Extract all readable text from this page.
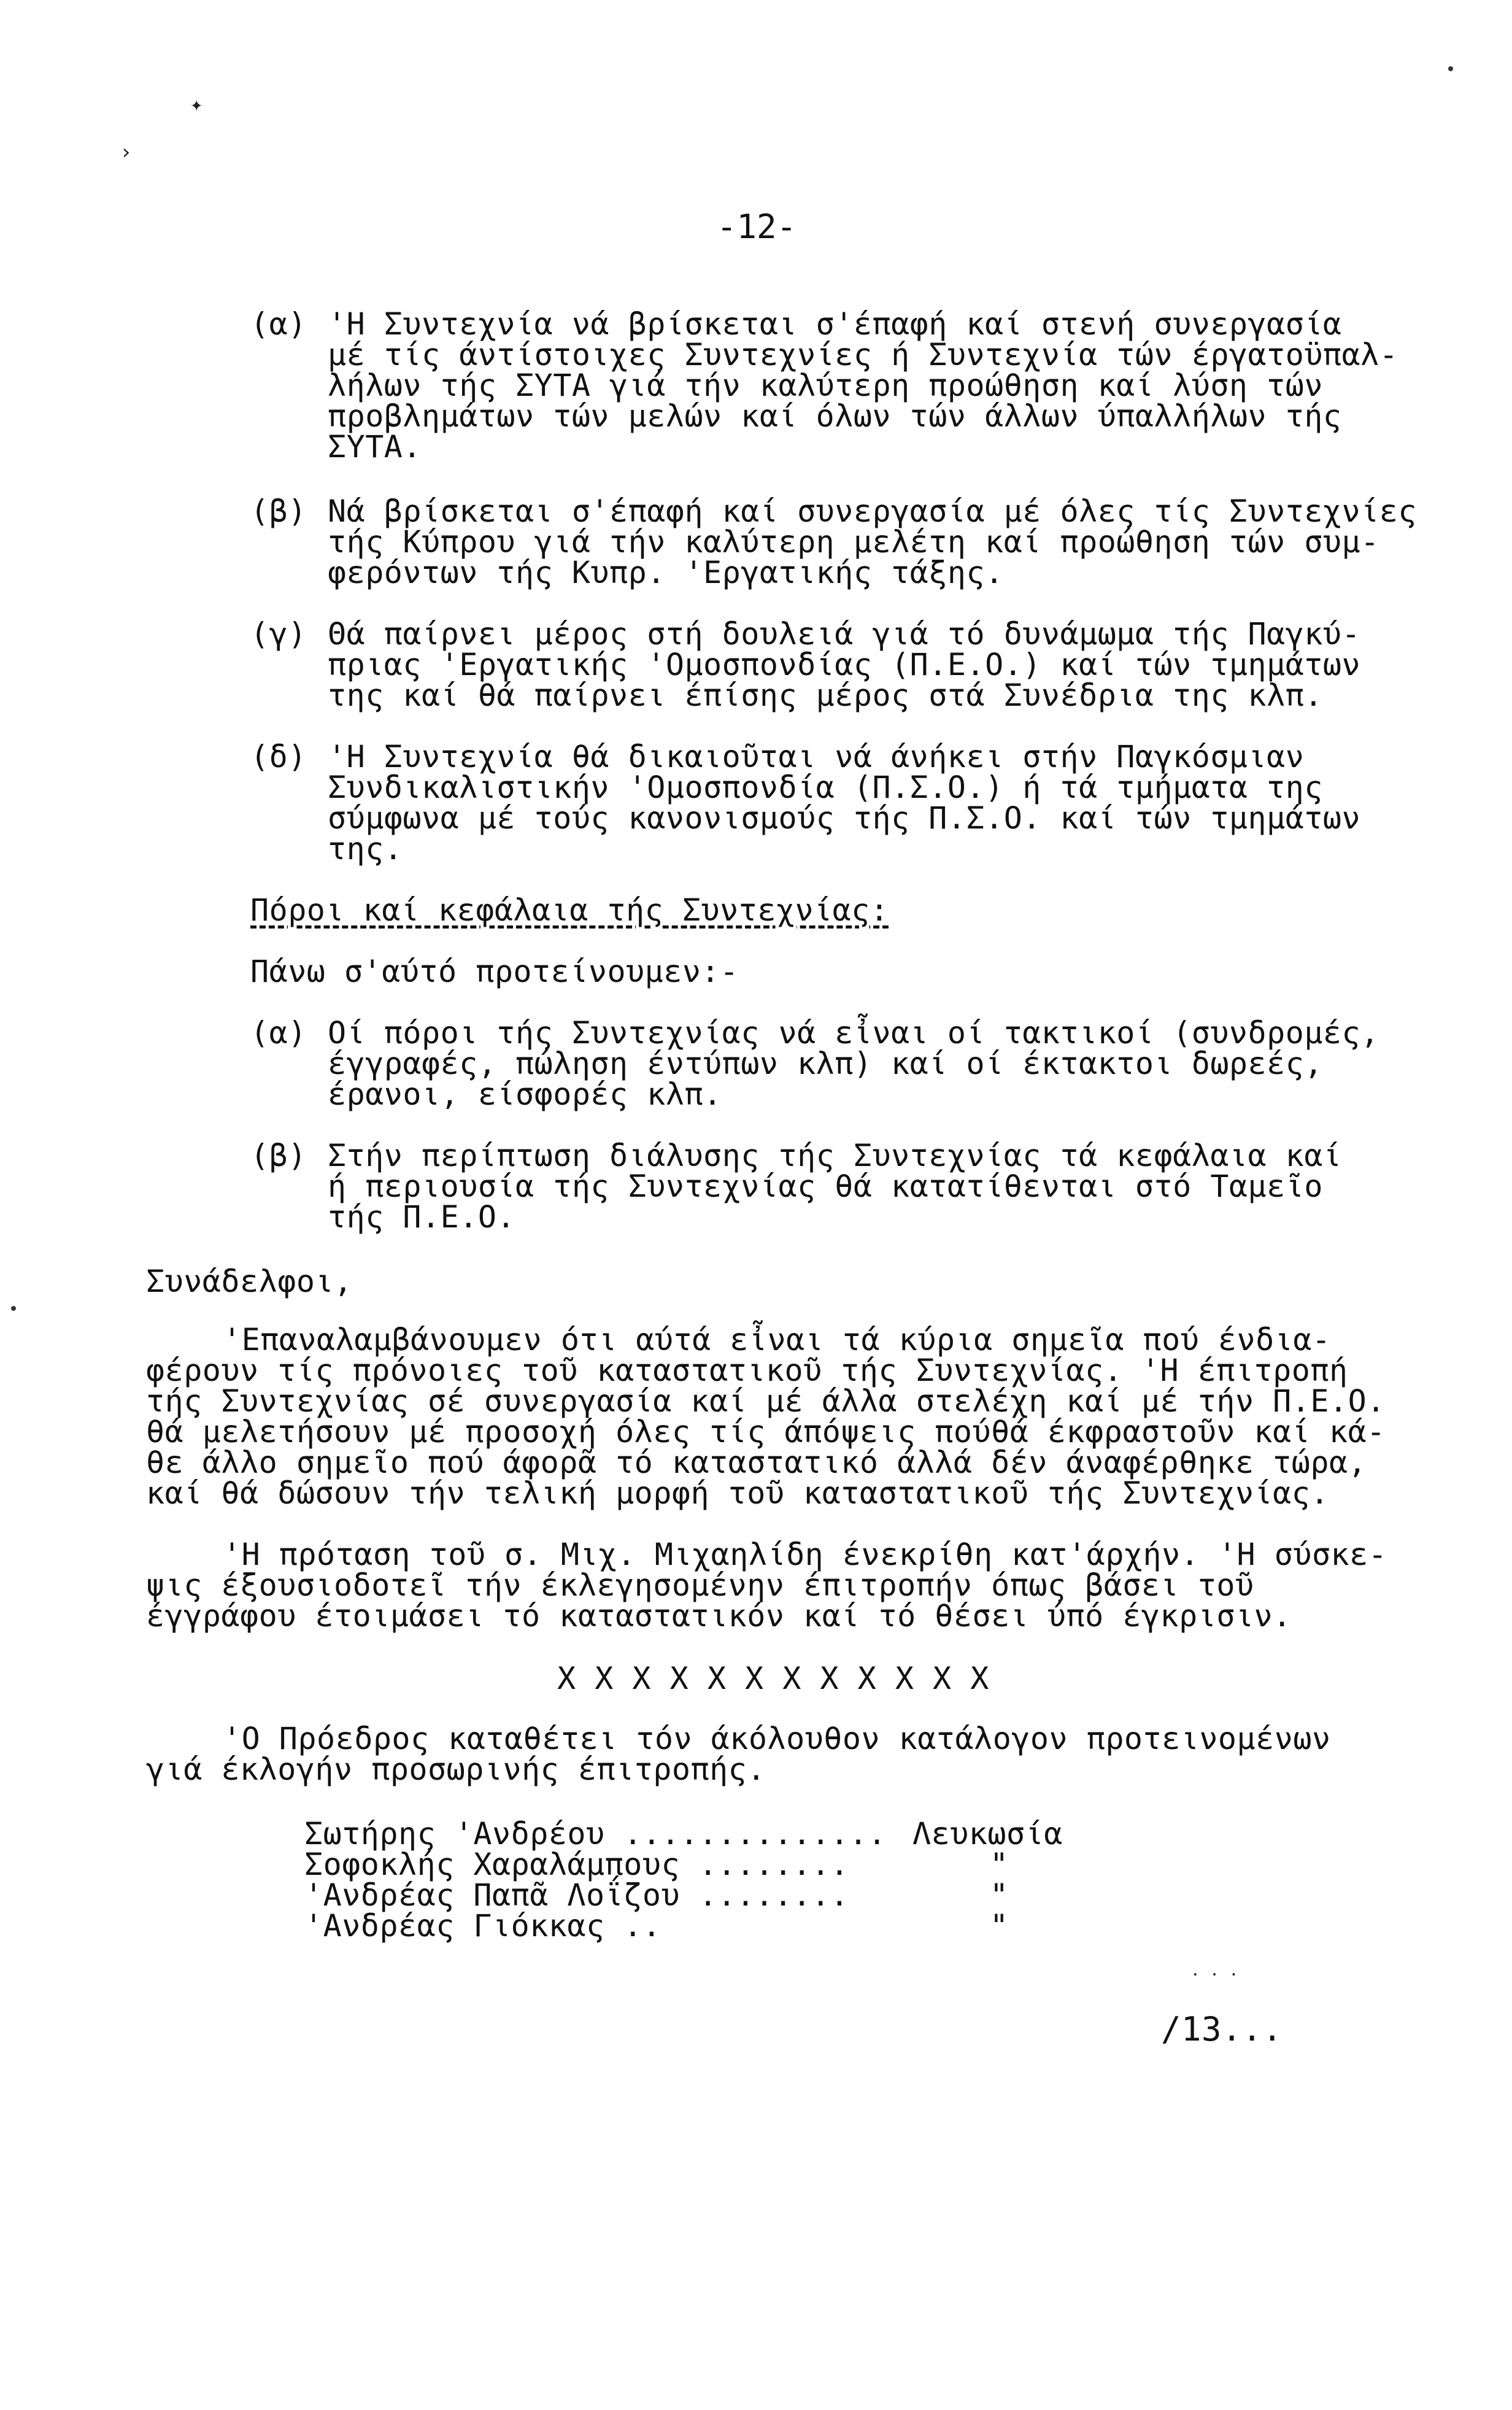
✦
›
-12-
(α) 'Η Συντεχνία νά βρίσκεται σ'έπαφή καί στενή συνεργασία
μέ τίς άντίστοιχες Συντεχνίες ή Συντεχνία τών έργατοϋπαλ-
λήλων τής ΣΥΤΑ γιά τήν καλύτερη προώθηση καί λύση τών
προβλημάτων τών μελών καί όλων τών άλλων ύπαλλήλων τής
ΣΥΤΑ.
(β) Νά βρίσκεται σ'έπαφή καί συνεργασία μέ όλες τίς Συντεχνίες
τής Κύπρου γιά τήν καλύτερη μελέτη καί προώθηση τών συμ-
φερόντων τής Κυπρ. 'Εργατικής τάξης.
(γ) Θά παίρνει μέρος στή δουλειά γιά τό δυνάμωμα τής Παγκύ-
πριας 'Εργατικής 'Ομοσπονδίας (Π.Ε.Ο.) καί τών τμημάτων
της καί θά παίρνει έπίσης μέρος στά Συνέδρια της κλπ.
(δ) 'Η Συντεχνία θά δικαιοῦται νά άνήκει στήν Παγκόσμιαν
Συνδικαλιστικήν 'Ομοσπονδία (Π.Σ.Ο.) ή τά τμήματα της
σύμφωνα μέ τούς κανονισμούς τής Π.Σ.Ο. καί τών τμημάτων
της.
Πόροι καί κεφάλαια τής Συντεχνίας:
Πάνω σ'αύτό προτείνουμεν:-
(α) Οί πόροι τής Συντεχνίας νά εἶναι οί τακτικοί (συνδρομές,
έγγραφές, πώληση έντύπων κλπ) καί οί έκτακτοι δωρεές,
έρανοι, είσφορές κλπ.
(β) Στήν περίπτωση διάλυσης τής Συντεχνίας τά κεφάλαια καί
ή περιουσία τής Συντεχνίας θά κατατίθενται στό Ταμεῖο
τής Π.Ε.Ο.
Συνάδελφοι,
'Επαναλαμβάνουμεν ότι αύτά εἶναι τά κύρια σημεῖα πού ένδια-
φέρουν τίς πρόνοιες τοῦ καταστατικοῦ τής Συντεχνίας. 'Η έπιτροπή
τής Συντεχνίας σέ συνεργασία καί μέ άλλα στελέχη καί μέ τήν Π.Ε.Ο.
θά μελετήσουν μέ προσοχή όλες τίς άπόψεις πούθά έκφραστοῦν καί κά-
θε άλλο σημεῖο πού άφορᾶ τό καταστατικό άλλά δέν άναφέρθηκε τώρα,
καί θά δώσουν τήν τελική μορφή τοῦ καταστατικοῦ τής Συντεχνίας.
'Η πρόταση τοῦ σ. Μιχ. Μιχαηλίδη ένεκρίθη κατ'άρχήν. 'Η σύσκε-
ψις έξουσιοδοτεῖ τήν έκλεγησομένην έπιτροπήν όπως βάσει τοῦ
έγγράφου έτοιμάσει τό καταστατικόν καί τό θέσει ύπό έγκρισιν.
X X X X X X X X X X X X
'Ο Πρόεδρος καταθέτει τόν άκόλουθον κατάλογον προτεινομένων
γιά έκλογήν προσωρινής έπιτροπής.
Σωτήρης 'Ανδρέου .............. Λευκωσία
Σοφοκλής Χαραλάμπους ........	"
'Ανδρέας Παπᾶ Λοΐζου ........	"
'Ανδρέας Γιόκκας ..	"
. . .
/13...
